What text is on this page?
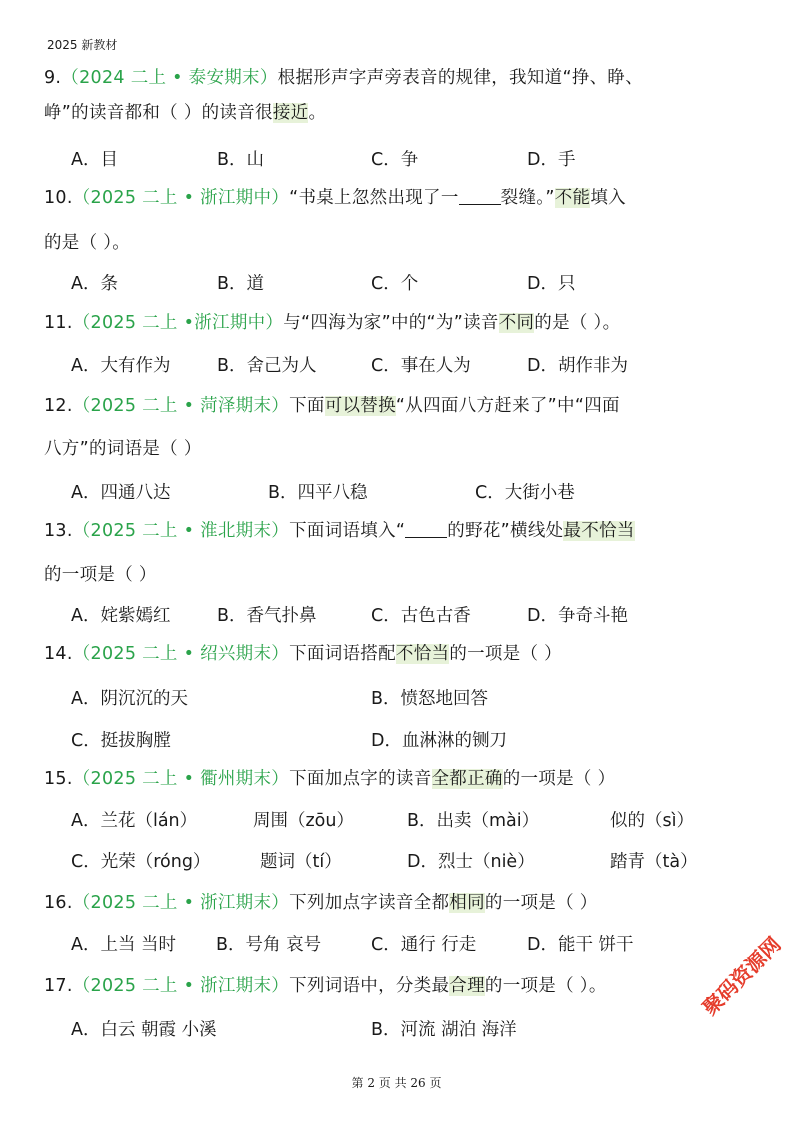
2025 新教材
9.（2024 二上 • 泰安期末）根据形声字声旁表音的规律，我知道“挣、睁、
峥”的读音都和（ ）的读音很接近。
A．目	B．山	C．争	D．手
10.（2025 二上 • 浙江期中）“书桌上忽然出现了一 裂缝。”不能填入
的是（ ）。
A．条	B．道	C．个	D．只
11.（2025 二上 •浙江期中）与“四海为家”中的“为”读音不同的是（ ）。
A．大有作为	B．舍己为人	C．事在人为	D．胡作非为
12.（2025 二上 • 菏泽期末）下面可以替换“从四面八方赶来了”中“四面
八方”的词语是（ ）
A．四通八达	B．四平八稳	C．大街小巷
13.（2025 二上 • 淮北期末）下面词语填入“ 的野花”横线处最不恰当
的一项是（ ）
A．姹紫嫣红	B．香气扑鼻	C．古色古香	D．争奇斗艳
14.（2025 二上 • 绍兴期末）下面词语搭配不恰当的一项是（ ）
A．阴沉沉的天	B．愤怒地回答
C．挺拔胸膛	D．血淋淋的铡刀
15.（2025 二上 • 衢州期末）下面加点字的读音全都正确的一项是（ ）
A．兰花（lán）	周围（zōu）	B．出卖（mài）	似的（sì）
C．光荣（róng）	题词（tí）	D．烈士（niè）	踏青（tà）
16.（2025 二上 • 浙江期末）下列加点字读音全都相同的一项是（ ）
A．上当 当时 B．号角 哀号	C．通行 行走	D．能干 饼干
17.（2025 二上 • 浙江期末）下列词语中，分类最合理的一项是（ ）。
A．白云 朝霞 小溪	B．河流 湖泊 海洋
聚码资源网
第 2 页 共 26 页
